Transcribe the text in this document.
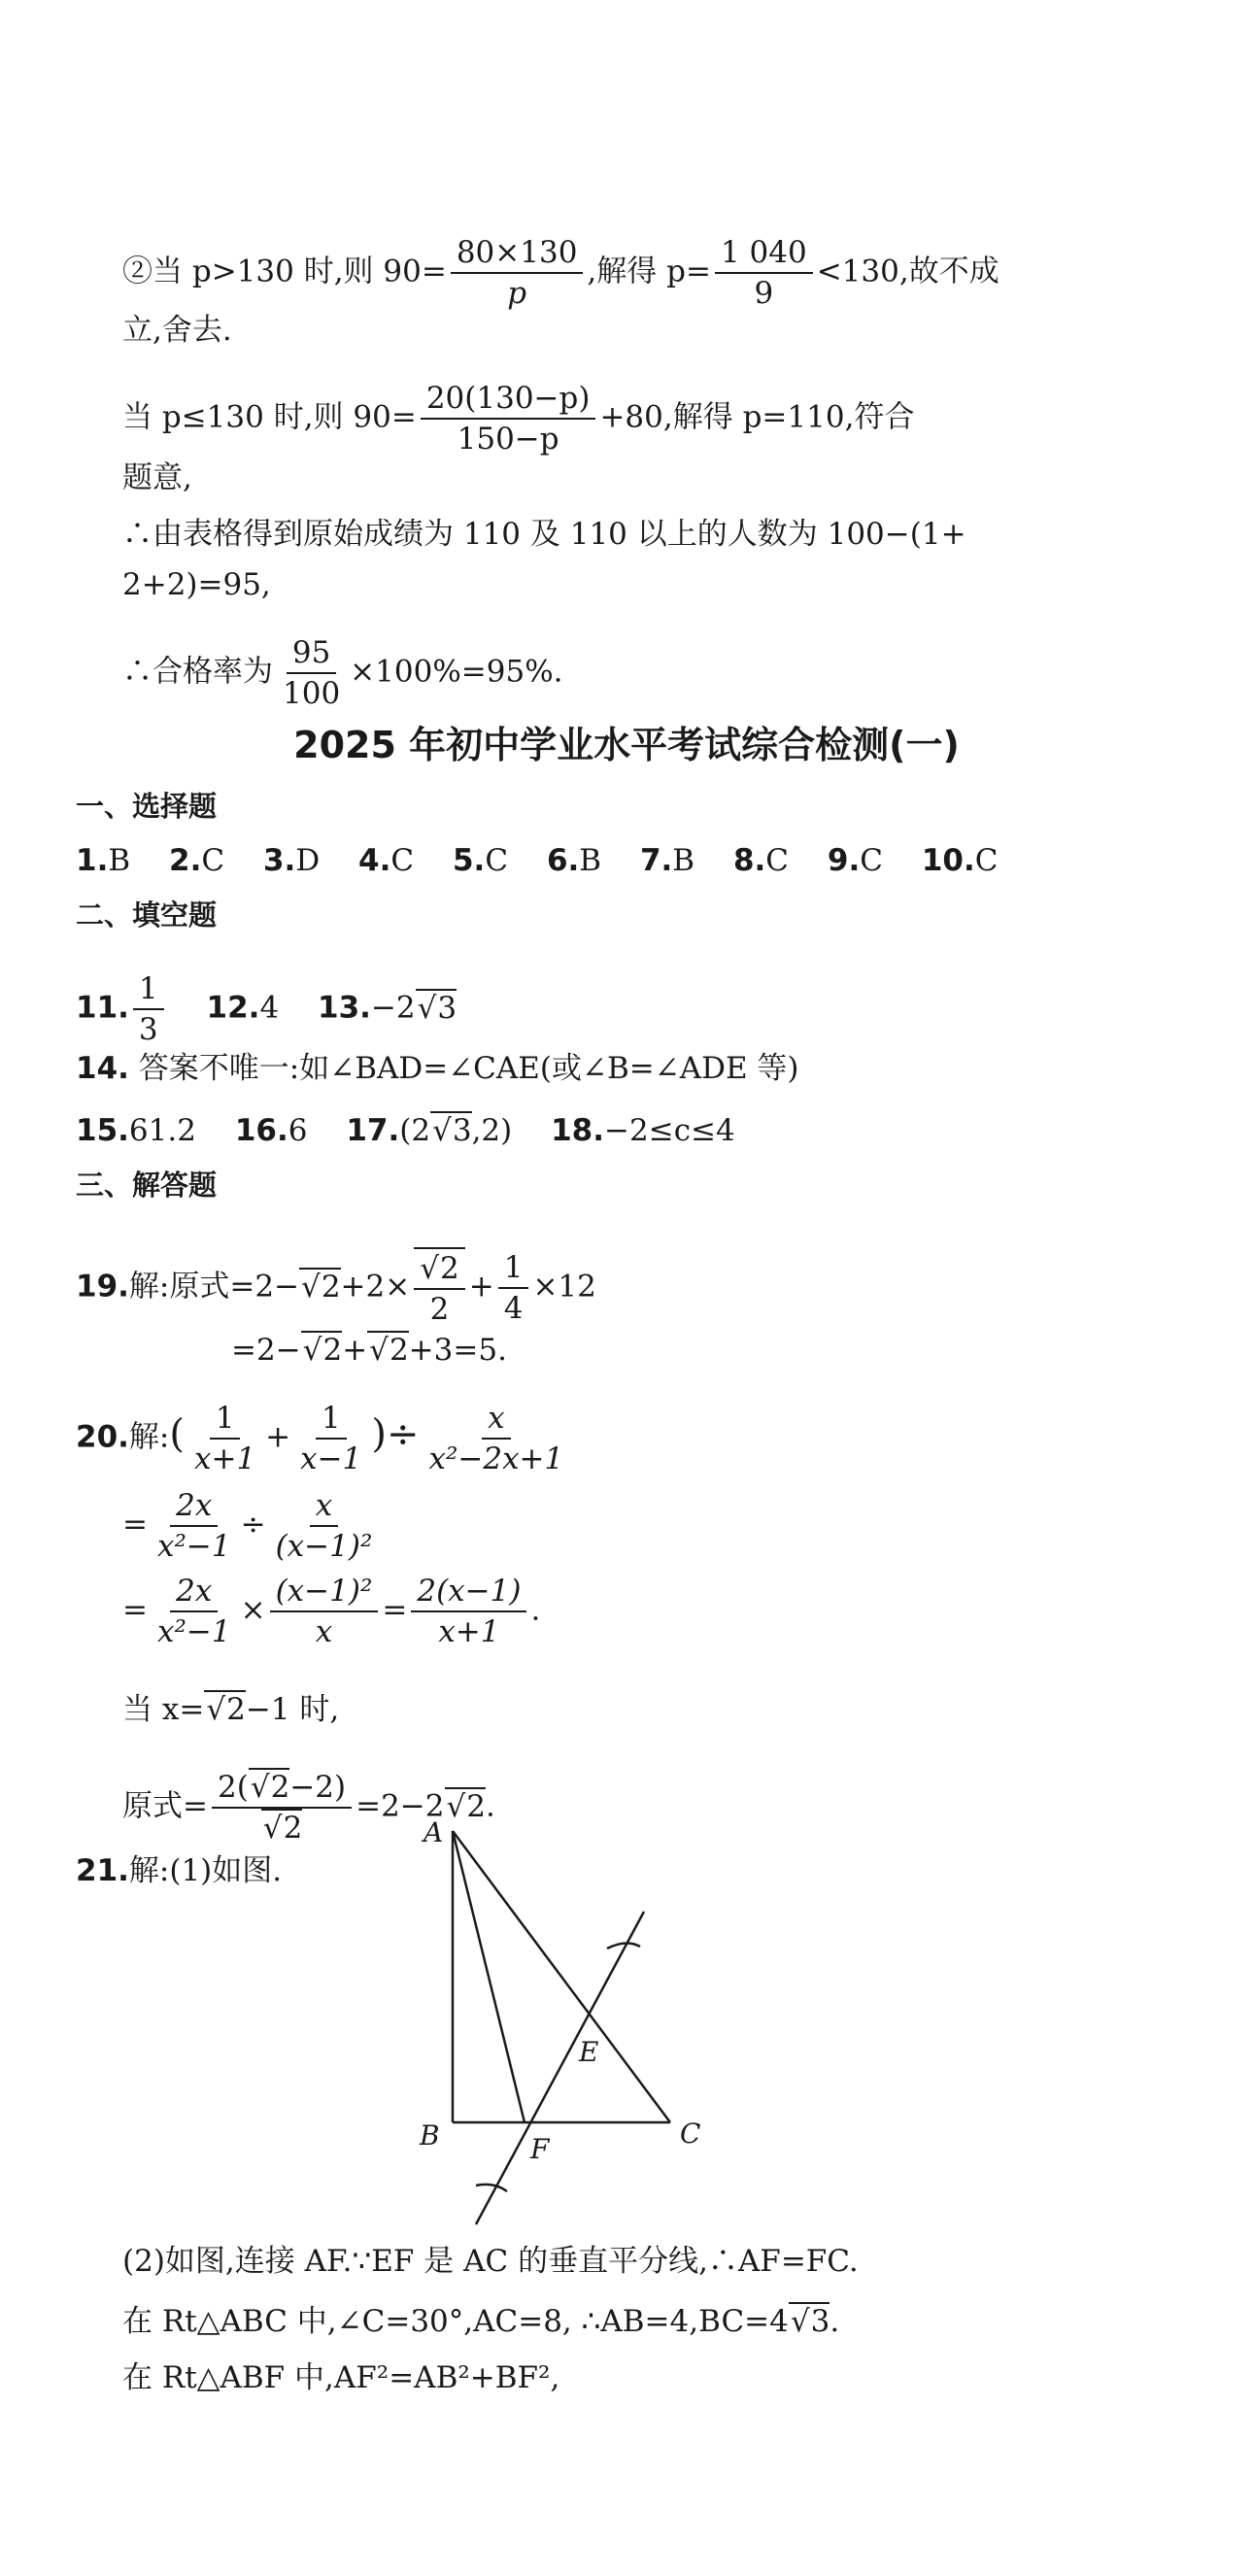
②当 p>130 时,则 $90= \frac{80\times 130}{p}$ ,解得 $p= \frac{1 040}{9} <130$,故不成
立,舍去.
当 p≤130 时,则 $90= \frac{20(130-p)}{150-p} +80$,解得 p=110,符合
题意,
∴由表格得到原始成绩为 110 及 110 以上的人数为 100−(1+
2+2)=95,
∴合格率为 $\frac{95}{100} \times 100\%=95\%$.
2025 年初中学业水平考试综合检测(一)
一、选择题
1.B 2.C 3.D 4.C 5.C 6.B 7.B 8.C 9.C 10.C
二、填空题
11. $\frac{1}{3} 12.4$ 13.−2 √ 3
14. 答案不唯一:如∠BAD=∠CAE(或∠B=∠ADE 等)
15.61.2 16.6 17.(2 √ 3,2) 18.−2≤c≤4
三、解答题
19.解:原式=2− √ 2+2× √ $\frac{2}{2} + \frac{1}{4} \times 12$
=2− √ 2+ √ 2+3=5.
20.解:( $\frac{1}{x+1} + \frac{1}{x-1}$ )÷ $\frac{x}{\text{x²−2x+1}}$
= $\frac{2x}{\text{x²−1}} \div \frac{x}{\text{(x−1)²}}$
= $\frac{2x}{\text{x²−1}} \times \frac{\text{(x−1)²}}{x} = \frac{2(x-1)}{x+1}$ .
当 x= √ 2−1 时,
原式= 2( √ 2−2)
√ 2 =2−2 √ 2.
21.解:(1)如图.
A
B	C
E
F
(2)如图,连接 AF.∵EF 是 AC 的垂直平分线,∴AF=FC.
在 Rt△ABC 中,∠C=30°,AC=8, ∴AB=4,BC=4 √ 3.
在 Rt△ABF 中,AF²=AB²+BF²,
